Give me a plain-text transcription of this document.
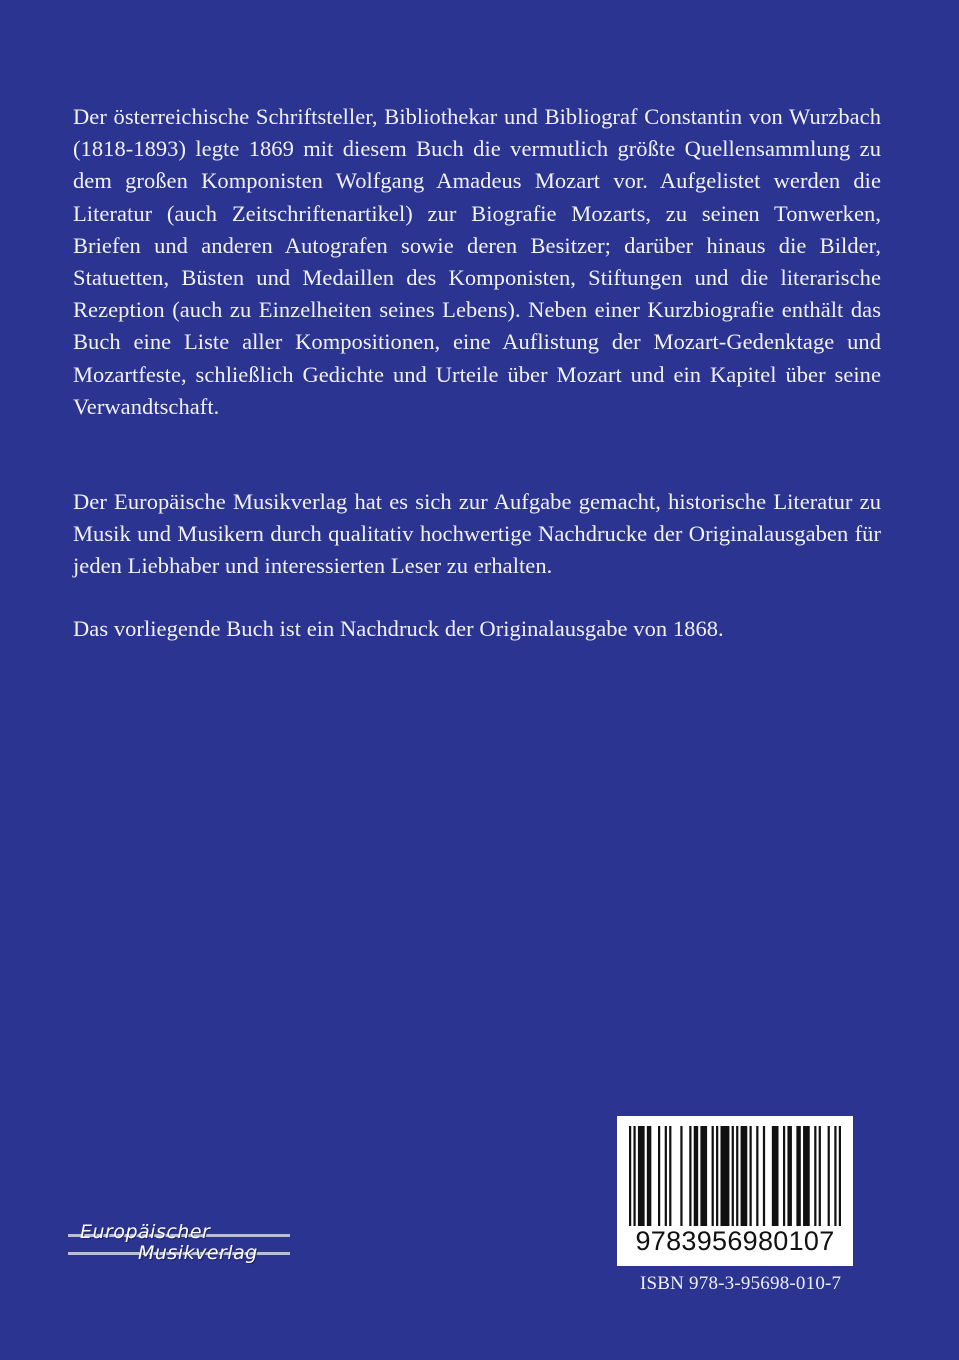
Der österreichische Schriftsteller, Bibliothekar und Bibliograf Constantin von Wurzbach (1818-1893) legte 1869 mit diesem Buch die vermutlich größte Quellensammlung zu dem großen Komponisten Wolfgang Amadeus Mozart vor. Aufgelistet werden die Literatur (auch Zeitschriftenartikel) zur Biografie Mozarts, zu seinen Tonwerken, Briefen und anderen Autografen sowie deren Besitzer; darüber hinaus die Bilder, Statuetten, Büsten und Medaillen des Komponisten, Stiftungen und die literarische Rezeption (auch zu Einzelheiten seines Lebens). Neben einer Kurzbiografie enthält das Buch eine Liste aller Kompositionen, eine Auflistung der Mozart-Gedenktage und Mozartfeste, schließlich Gedichte und Urteile über Mozart und ein Kapitel über seine Verwandtschaft.
Der Europäische Musikverlag hat es sich zur Aufgabe gemacht, historische Literatur zu Musik und Musikern durch qualitativ hochwertige Nachdrucke der Originalausgaben für jeden Liebhaber und interessierten Leser zu erhalten.
Das vorliegende Buch ist ein Nachdruck der Originalausgabe von 1868.
Europäischer
Musikverlag	9783956980107
ISBN 978-3-95698-010-7
